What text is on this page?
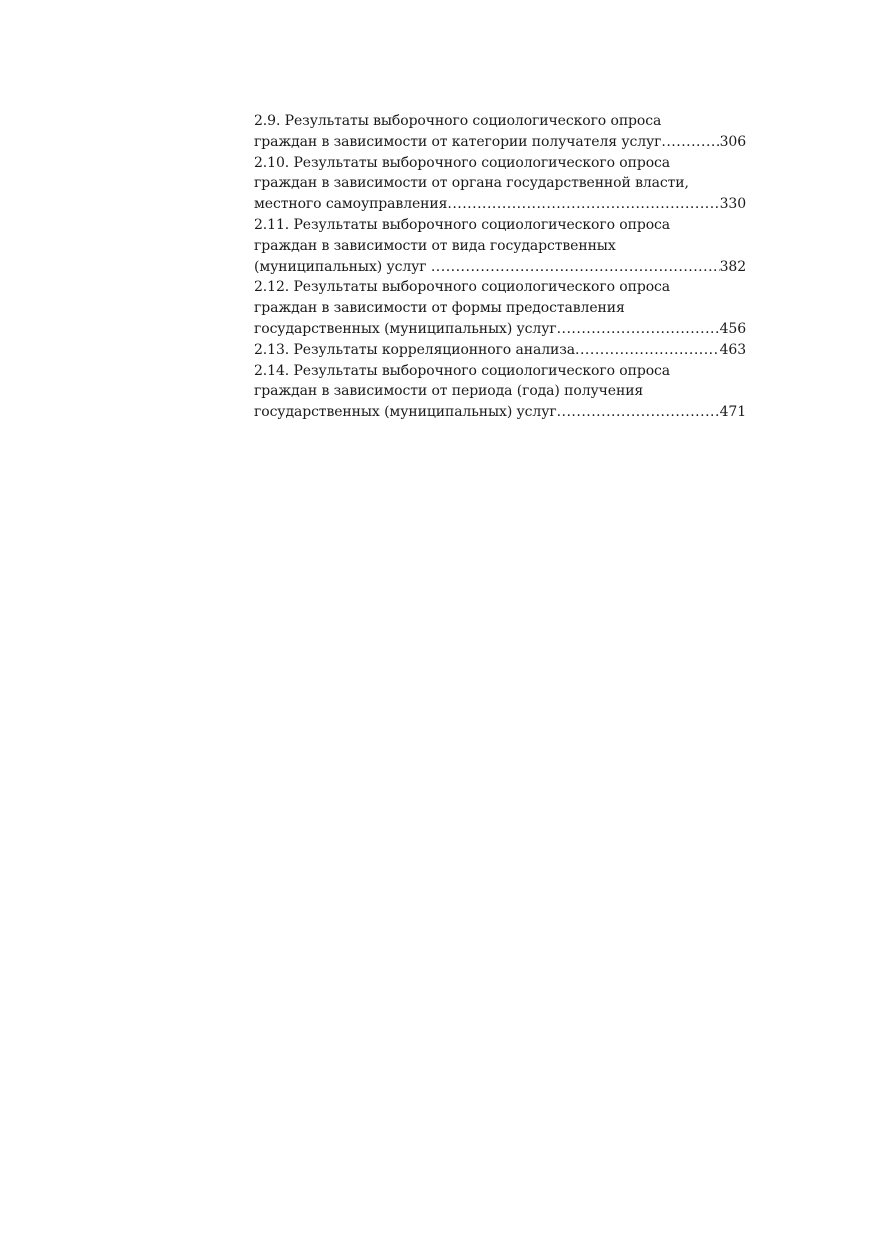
2.9. Результаты выборочного социологического опроса
граждан в зависимости от категории получателя услуг .....	306
2.10. Результаты выборочного социологического опроса
граждан в зависимости от органа государственной власти,
местного самоуправления .....	330
2.11. Результаты выборочного социологического опроса
граждан в зависимости от вида государственных
(муниципальных) услуг .....	382
2.12. Результаты выборочного социологического опроса
граждан в зависимости от формы предоставления
государственных (муниципальных) услуг .....	456
2.13. Результаты корреляционного анализа .....	463
2.14. Результаты выборочного социологического опроса
граждан в зависимости от периода (года) получения
государственных (муниципальных) услуг .....	471
